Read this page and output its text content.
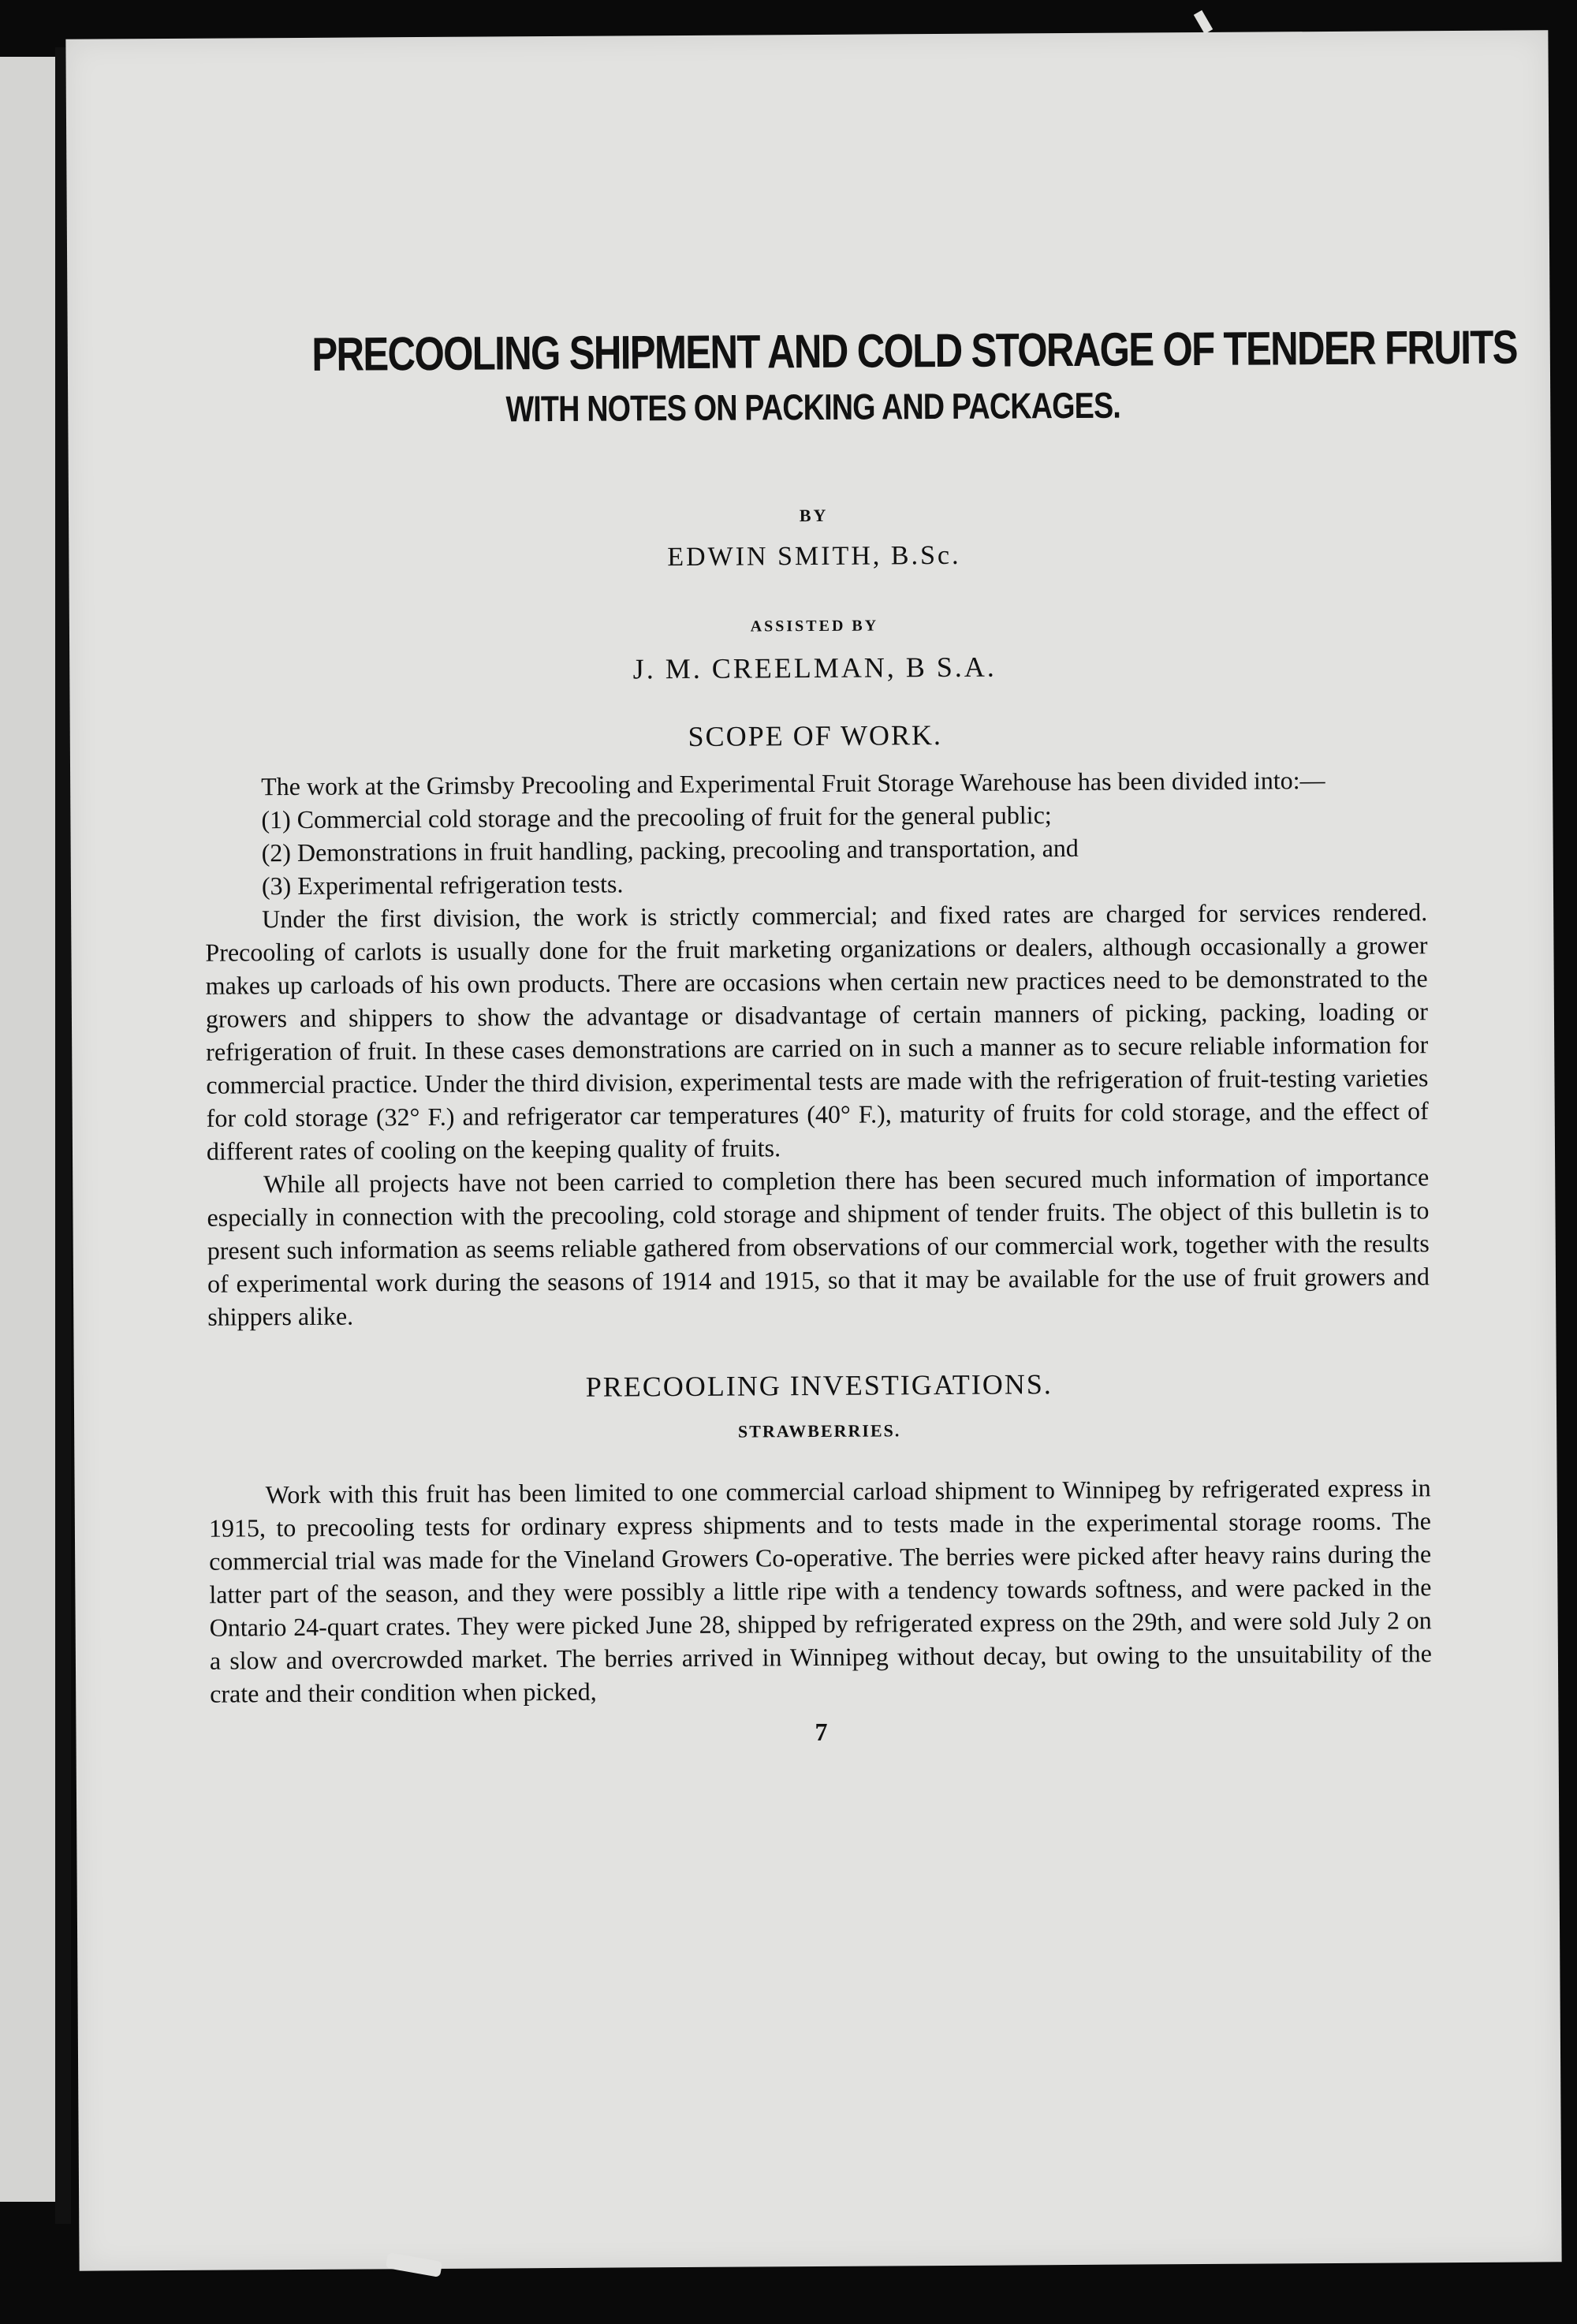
PRECOOLING SHIPMENT AND COLD STORAGE OF TENDER FRUITS
WITH NOTES ON PACKING AND PACKAGES.
BY
EDWIN SMITH, B.Sc.
ASSISTED BY
J. M. CREELMAN, B S.A.
SCOPE OF WORK.

The work at the Grimsby Precooling and Experimental Fruit Storage Warehouse has been divided into:—

(1) Commercial cold storage and the precooling of fruit for the general public;

(2) Demonstrations in fruit handling, packing, precooling and transportation, and

(3) Experimental refrigeration tests.

Under the first division, the work is strictly commercial; and fixed rates are charged for services rendered. Precooling of carlots is usually done for the fruit marketing organizations or dealers, although occasionally a grower makes up carloads of his own products. There are occasions when certain new practices need to be demonstrated to the growers and shippers to show the advantage or disadvantage of certain manners of picking, packing, loading or refrigeration of fruit. In these cases demonstrations are carried on in such a manner as to secure reliable information for commercial practice. Under the third division, experimental tests are made with the refrigeration of fruit-testing varieties for cold storage (32° F.) and refrigerator car temperatures (40° F.), maturity of fruits for cold storage, and the effect of different rates of cooling on the keeping quality of fruits.

While all projects have not been carried to completion there has been secured much information of importance especially in connection with the precooling, cold storage and shipment of tender fruits. The object of this bulletin is to present such information as seems reliable gathered from observations of our commercial work, together with the results of experimental work during the seasons of 1914 and 1915, so that it may be available for the use of fruit growers and shippers alike.

PRECOOLING INVESTIGATIONS.
STRAWBERRIES.

Work with this fruit has been limited to one commercial carload shipment to Winnipeg by refrigerated express in 1915, to precooling tests for ordinary express shipments and to tests made in the experimental storage rooms. The commercial trial was made for the Vineland Growers Co-operative. The berries were picked after heavy rains during the latter part of the season, and they were possibly a little ripe with a tendency towards softness, and were packed in the Ontario 24-quart crates. They were picked June 28, shipped by refrigerated express on the 29th, and were sold July 2 on a slow and overcrowded market. The berries arrived in Winnipeg without decay, but owing to the unsuitability of the crate and their condition when picked,

7
